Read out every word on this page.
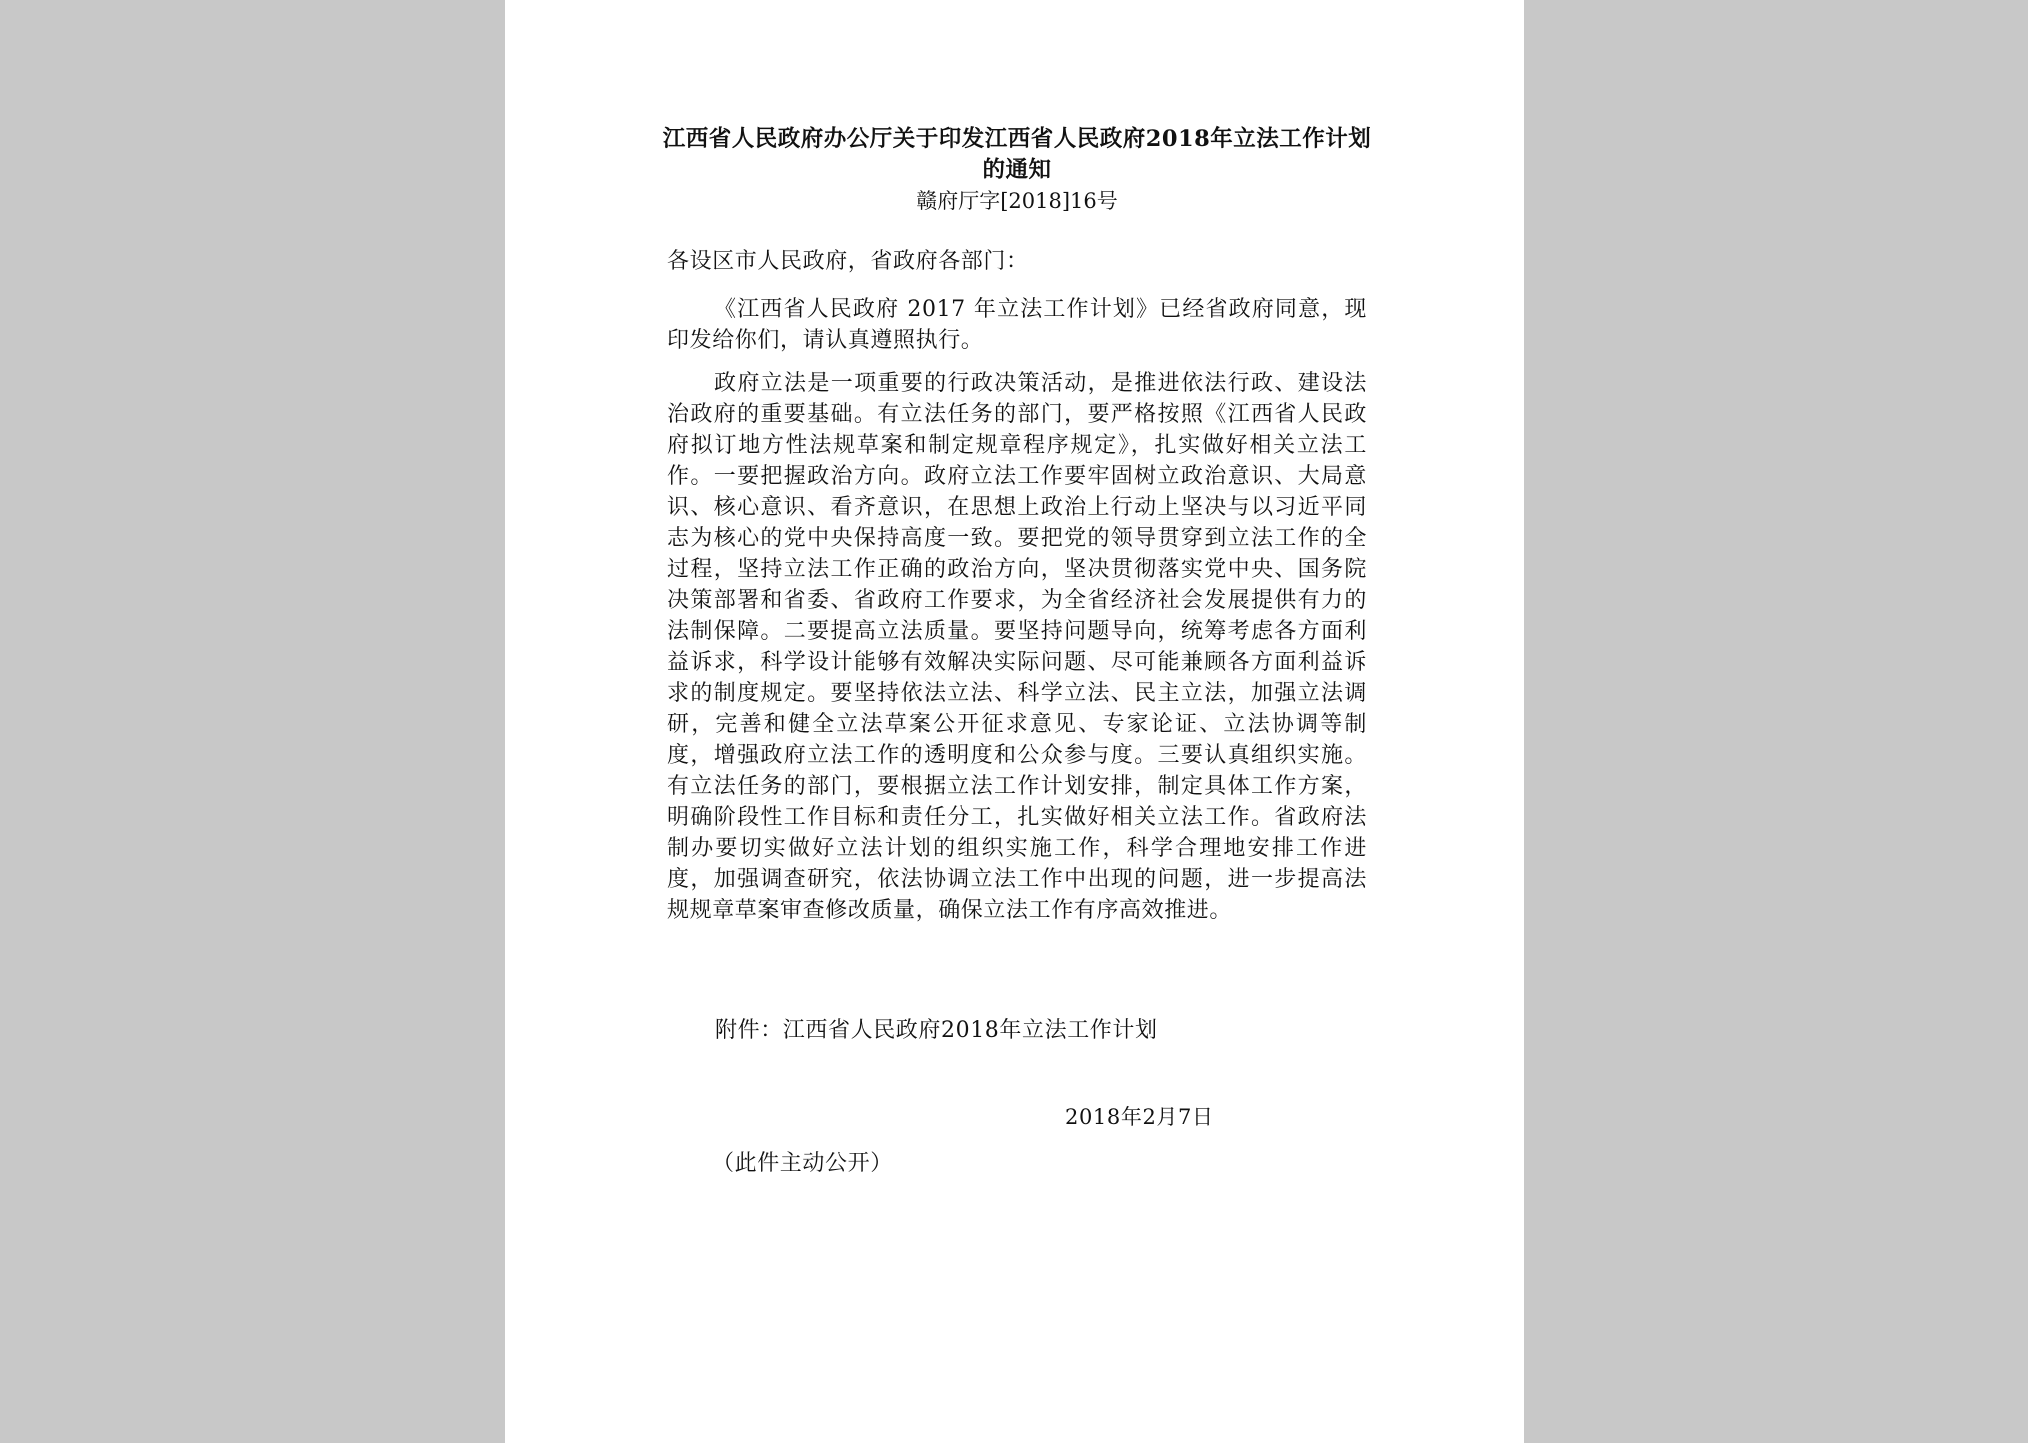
江西省人民政府办公厅关于印发江西省人民政府2018年立法工作计划的通知
赣府厅字[2018]16号

各设区市人民政府，省政府各部门：

《江西省人民政府 2017 年立法工作计划》已经省政府同意，现印发给你们，请认真遵照执行。

政府立法是一项重要的行政决策活动，是推进依法行政、建设法治政府的重要基础。有立法任务的部门，要严格按照《江西省人民政府拟订地方性法规草案和制定规章程序规定》，扎实做好相关立法工作。一要把握政治方向。政府立法工作要牢固树立政治意识、大局意识、核心意识、看齐意识，在思想上政治上行动上坚决与以习近平同志为核心的党中央保持高度一致。要把党的领导贯穿到立法工作的全过程，坚持立法工作正确的政治方向，坚决贯彻落实党中央、国务院决策部署和省委、省政府工作要求，为全省经济社会发展提供有力的法制保障。二要提高立法质量。要坚持问题导向，统筹考虑各方面利益诉求，科学设计能够有效解决实际问题、尽可能兼顾各方面利益诉求的制度规定。要坚持依法立法、科学立法、民主立法，加强立法调研，完善和健全立法草案公开征求意见、专家论证、立法协调等制度，增强政府立法工作的透明度和公众参与度。三要认真组织实施。有立法任务的部门，要根据立法工作计划安排，制定具体工作方案，明确阶段性工作目标和责任分工，扎实做好相关立法工作。省政府法制办要切实做好立法计划的组织实施工作，科学合理地安排工作进度，加强调查研究，依法协调立法工作中出现的问题，进一步提高法规规章草案审查修改质量，确保立法工作有序高效推进。

附件：江西省人民政府2018年立法工作计划

2018年2月7日

（此件主动公开）
